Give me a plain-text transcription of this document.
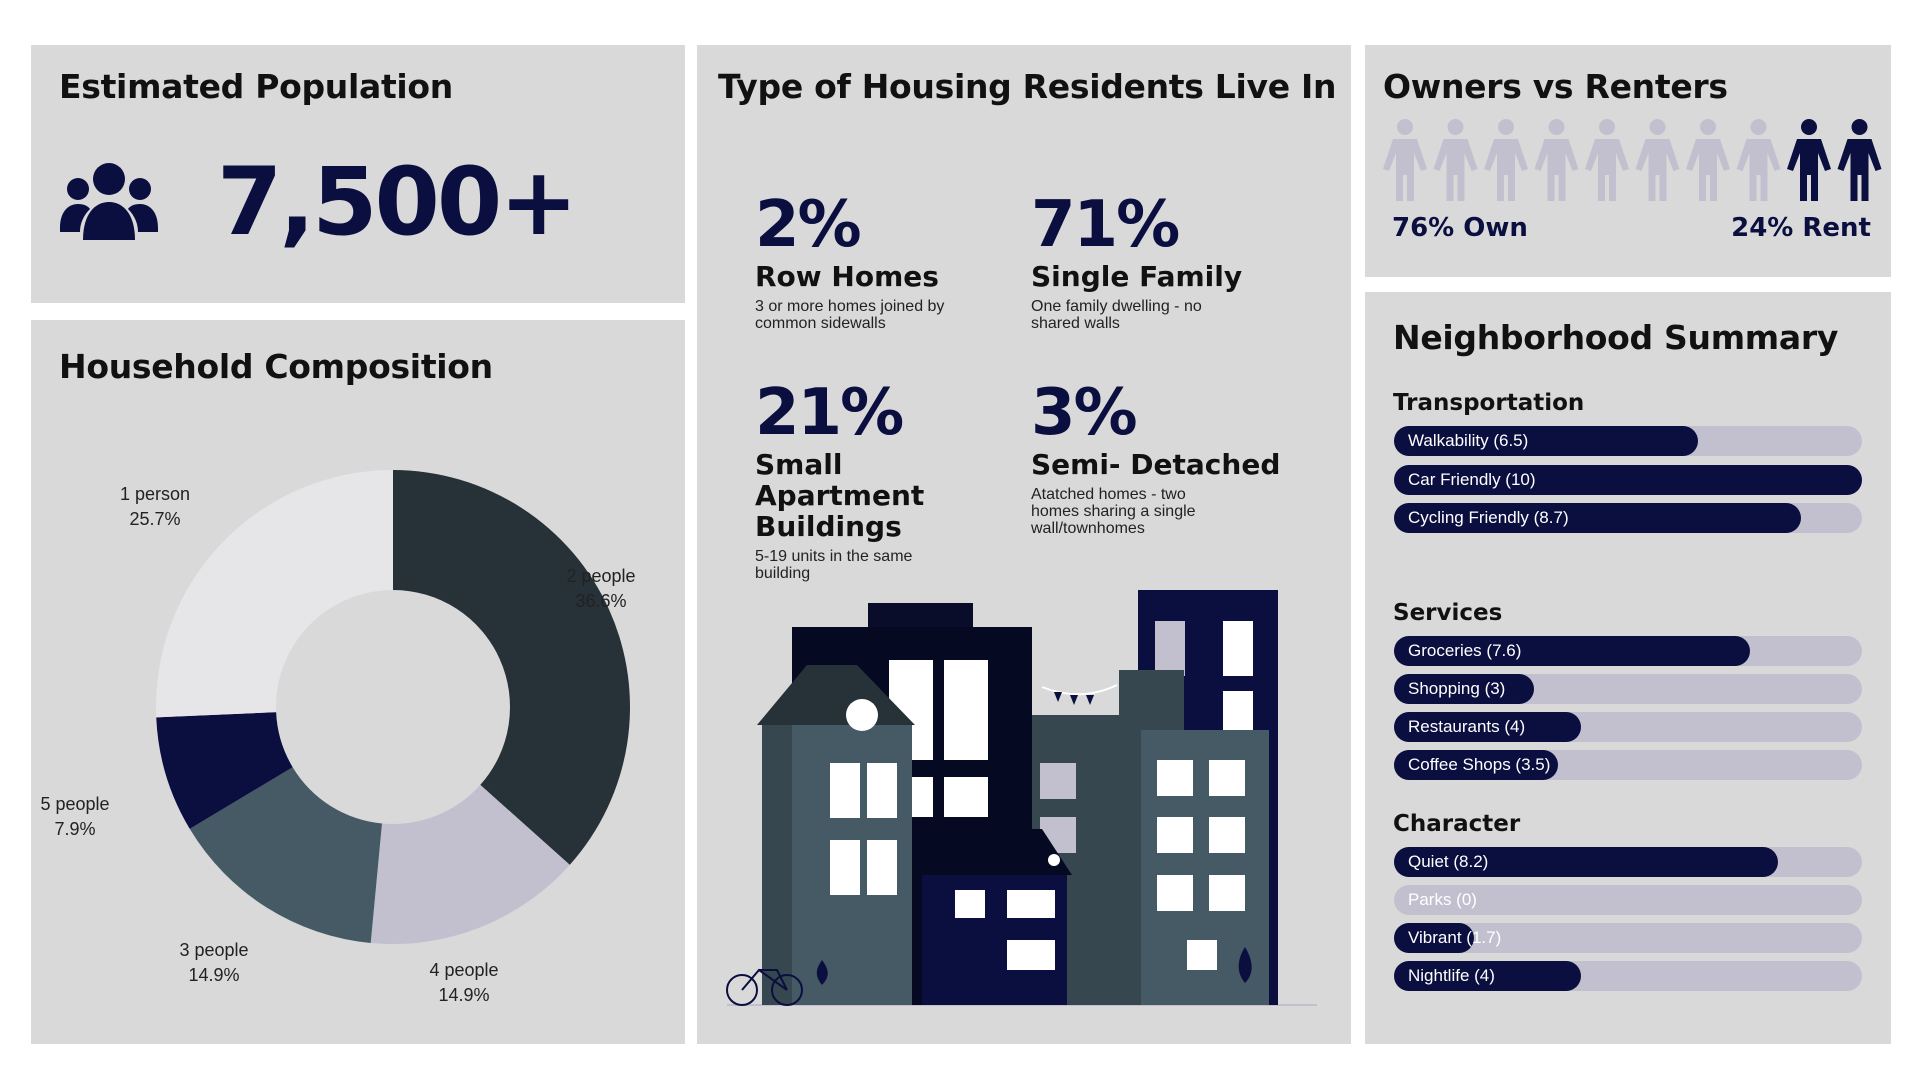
Estimated Population
7,500+
Household Composition
2 people
36.6%
4 people
14.9%
3 people
14.9%
5 people
7.9%
1 person
25.7%
Type of Housing Residents Live In
2%
Row Homes
3 or more homes joined by common sidewalls
71%
Single Family
One family dwelling - no shared walls
21%
Small Apartment Buildings
5-19 units in the same building
3%
Semi- Detached
Atatched homes - two homes sharing a single wall/townhomes
Owners vs Renters
76% Own	24% Rent
Neighborhood Summary
Transportation
Walkability (6.5)
Car Friendly (10)
Cycling Friendly (8.7)
Services
Groceries (7.6)
Shopping (3)
Restaurants (4)
Coffee Shops (3.5)
Character
Quiet (8.2)
Parks (0)
Vibrant (1.7)
Nightlife (4)
